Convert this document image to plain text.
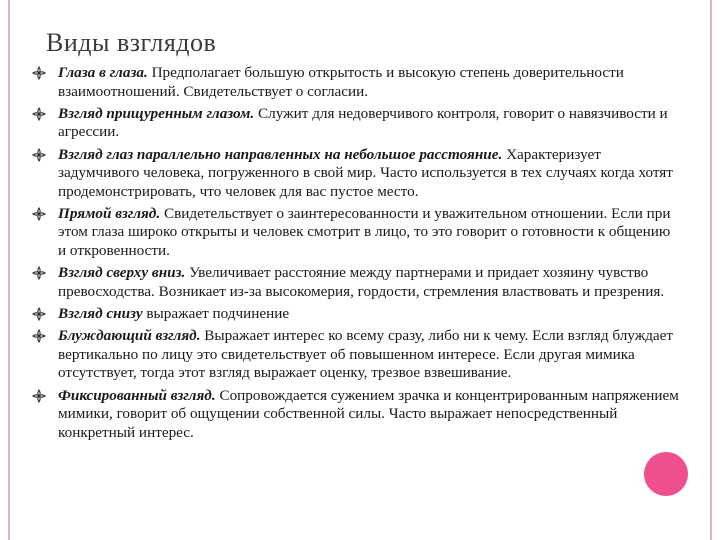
Виды взглядов
Глаза в глаза. Предполагает большую открытость и высокую степень доверительности взаимоотношений. Свидетельствует о согласии.
Взгляд прищуренным глазом. Служит для недоверчивого контроля, говорит о навязчивости и агрессии.
Взгляд глаз параллельно направленных на небольшое расстояние. Характеризует задумчивого человека, погруженного в свой мир. Часто используется в тех случаях когда хотят продемонстрировать, что человек для вас пустое место.
Прямой взгляд. Свидетельствует о заинтересованности и уважительном отношении. Если при этом глаза широко открыты и человек смотрит в лицо, то это говорит о готовности к общению и откровенности.
Взгляд сверху вниз. Увеличивает расстояние между партнерами и придает хозяину чувство превосходства. Возникает из-за высокомерия, гордости, стремления властвовать и презрения.
Взгляд снизу выражает подчинение
Блуждающий взгляд. Выражает интерес ко всему сразу, либо ни к чему. Если взгляд блуждает вертикально по лицу это свидетельствует об повышенном интересе. Если другая мимика отсутствует, тогда этот взгляд выражает оценку, трезвое взвешивание.
Фиксированный взгляд. Сопровождается сужением зрачка и концентрированным напряжением мимики, говорит об ощущении собственной силы. Часто выражает непосредственный конкретный интерес.
